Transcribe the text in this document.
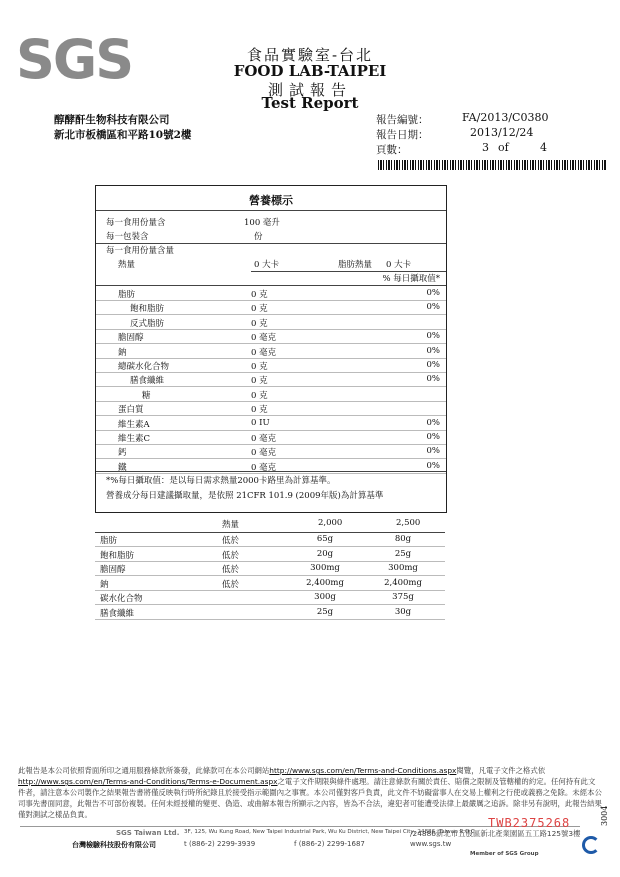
SGS	食品實驗室-台北
FOOD LAB-TAIPEI
測試報告
Test Report
醇酵酐生物科技有限公司
新北市板橋區和平路10號2樓
報告編號：	FA/2013/C0380
報告日期：	2013/12/24
頁數：	3 of	4
營養標示
每一食用份量含	100 毫升
每一包裝含	份
每一食用份量含量
熱量	0 大卡	脂肪熱量 0 大卡
% 每日攝取值*
脂肪	0 克	0%
飽和脂肪	0 克	0%
反式脂肪	0 克
膽固醇	0 毫克	0%
鈉	0 毫克	0%
總碳水化合物	0 克	0%
膳食纖維	0 克	0%
糖	0 克
蛋白質	0 克
維生素A	0 IU	0%
維生素C	0 毫克	0%
鈣	0 毫克	0%
鐵	0 毫克	0%
*%每日攝取值：是以每日需求熱量2000卡路里為計算基準。
營養成分每日建議攝取量，是依照 21CFR 101.9 (2009年版)為計算基準
熱量	2,000	2,500
脂肪	低於	65g	80g
飽和脂肪	低於	20g	25g
膽固醇	低於	300mg	300mg
鈉	低於	2,400mg	2,400mg
碳水化合物	300g	375g
膳食纖維	25g	30g
此報告是本公司依照背面所印之通用服務條款所簽發，此條款可在本公司網站http://www.sgs.com/en/Terms-and-Conditions.aspx閱覽，凡電子文件之格式依http://www.sgs.com/en/Terms-and-Conditions/Terms-e-Document.aspx之電子文件期限與條件處理。請注意條款有關於責任、賠償之限制及管轄權的約定。任何持有此文件者，請注意本公司製作之結果報告書將僅反映執行時所紀錄且於接受指示範圍內之事實。本公司僅對客戶負責，此文件不妨礙當事人在交易上權利之行使或義務之免除。未經本公司事先書面同意，此報告不可部份複製。任何未經授權的變更、偽造、或曲解本報告所顯示之內容，皆為不合法，違犯者可能遭受法律上最嚴厲之追訴。除非另有說明，此報告結果僅對測試之樣品負責。
SGS Taiwan Ltd.
台灣檢驗科技股份有限公司
3F, 125, Wu Kung Road, New Taipei Industrial Park, Wu Ku District, New Taipei City, 24886, Taiwan R.O.C.
/24886新北市五股區新北產業園區五工路125號3樓
t (886-2) 2299-3939	f (886-2) 2299-1687	www.sgs.tw
Member of SGS Group
TWB2375268	3004
